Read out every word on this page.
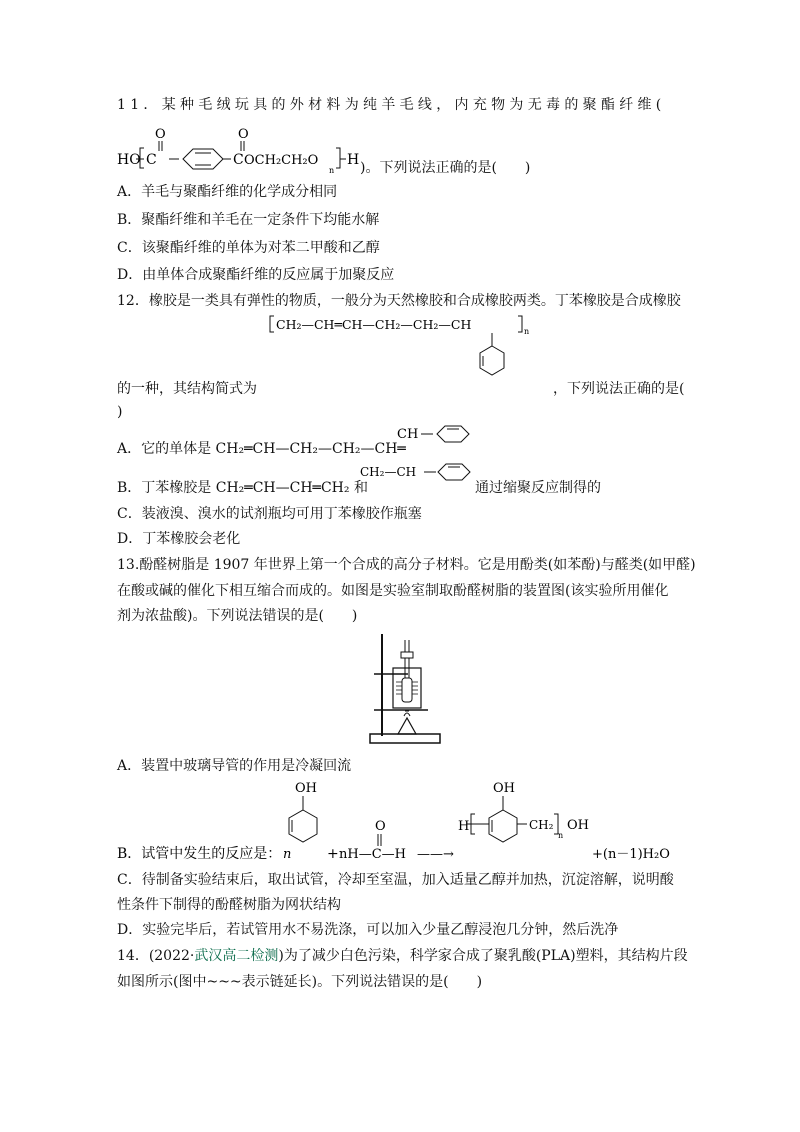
11．某种毛绒玩具的外材料为纯羊毛线，内充物为无毒的聚酯纤维(
HO C
O
C
O
OCH₂CH₂O
n
H )。下列说法正确的是(　　)
A．羊毛与聚酯纤维的化学成分相同
B．聚酯纤维和羊毛在一定条件下均能水解
C．该聚酯纤维的单体为对苯二甲酸和乙醇
D．由单体合成聚酯纤维的反应属于加聚反应
12．橡胶是一类具有弹性的物质，一般分为天然橡胶和合成橡胶两类。丁苯橡胶是合成橡胶
CH₂—CH═CH—CH₂—CH₂—CH	n
的一种，其结构简式为	，下列说法正确的是(
)
A．它的单体是 CH₂═CH—CH₂—CH₂—CH═
CH
B．丁苯橡胶是 CH₂═CH—CH═CH₂ 和
CH₂—CH
通过缩聚反应制得的
C．装液溴、溴水的试剂瓶均可用丁苯橡胶作瓶塞
D．丁苯橡胶会老化
13.酚醛树脂是 1907 年世界上第一个合成的高分子材料。它是用酚类(如苯酚)与醛类(如甲醛)
在酸或碱的催化下相互缩合而成的。如图是实验室制取酚醛树脂的装置图(该实验所用催化
剂为浓盐酸)。下列说法错误的是(　　)
A．装置中玻璃导管的作用是冷凝回流
B．试管中发生的反应是： n
OH
+ nH—C—H
O
——→
H
OH
CH₂
n
OH
+(n－1)H₂O
C．待制备实验结束后，取出试管，冷却至室温，加入适量乙醇并加热，沉淀溶解，说明酸
性条件下制得的酚醛树脂为网状结构
D．实验完毕后，若试管用水不易洗涤，可以加入少量乙醇浸泡几分钟，然后洗净
14．(2022·武汉高二检测)为了减少白色污染，科学家合成了聚乳酸(PLA)塑料，其结构片段
如图所示(图中~~~表示链延长)。下列说法错误的是(　　)
